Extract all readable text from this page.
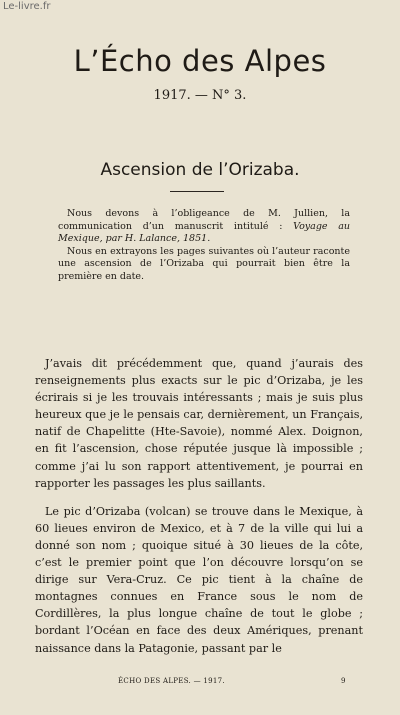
Le-livre.fr
L’Écho des Alpes
1917. — N° 3.
Ascension de l’Orizaba.

Nous devons à l’obligeance de M. Jullien, la communication d’un manuscrit intitulé : Voyage au Mexique, par H. Lalance, 1851.

Nous en extrayons les pages suivantes où l’auteur raconte une ascension de l’Orizaba qui pourrait bien être la première en date.

J’avais dit précédemment que, quand j’aurais des renseignements plus exacts sur le pic d’Orizaba, je les écrirais si je les trouvais intéressants ; mais je suis plus heureux que je le pensais car, dernièrement, un Français, natif de Chapelitte (Hte-Savoie), nommé Alex. Doignon, en fit l’ascension, chose réputée jusque là impossible ; comme j’ai lu son rapport attentivement, je pourrai en rapporter les passages les plus saillants.

Le pic d’Orizaba (volcan) se trouve dans le Mexique, à 60 lieues environ de Mexico, et à 7 de la ville qui lui a donné son nom ; quoique situé à 30 lieues de la côte, c’est le premier point que l’on découvre lorsqu’on se dirige sur Vera-Cruz. Ce pic tient à la chaîne de montagnes connues en France sous le nom de Cordillères, la plus longue chaîne de tout le globe ; bordant l’Océan en face des deux Amériques, prenant naissance dans la Patagonie, passant par le

ÉCHO DES ALPES. — 1917.	9
